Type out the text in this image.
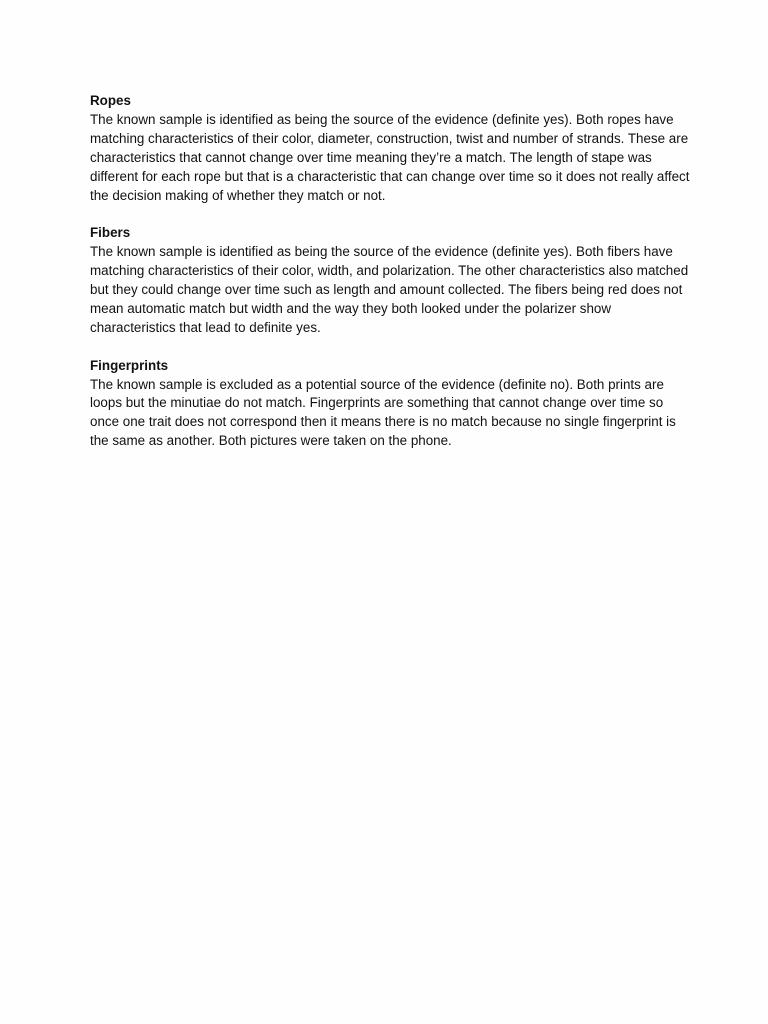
Ropes
The known sample is identified as being the source of the evidence (definite yes). Both ropes have matching characteristics of their color, diameter, construction, twist and number of strands. These are characteristics that cannot change over time meaning they’re a match. The length of stape was different for each rope but that is a characteristic that can change over time so it does not really affect the decision making of whether they match or not.
Fibers
The known sample is identified as being the source of the evidence (definite yes). Both fibers have matching characteristics of their color, width, and polarization. The other characteristics also matched but they could change over time such as length and amount collected. The fibers being red does not mean automatic match but width and the way they both looked under the polarizer show characteristics that lead to definite yes.
Fingerprints
The known sample is excluded as a potential source of the evidence (definite no). Both prints are loops but the minutiae do not match. Fingerprints are something that cannot change over time so once one trait does not correspond then it means there is no match because no single fingerprint is the same as another. Both pictures were taken on the phone.
